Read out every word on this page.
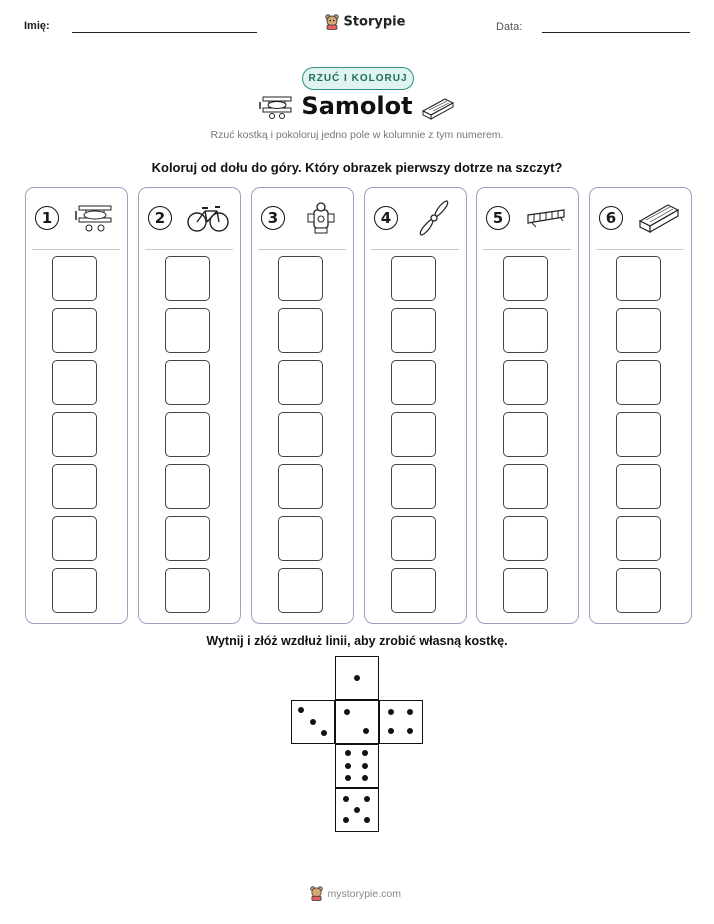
Imię:	Storypie	Data:
RZUĆ I KOLORUJ
Samolot
Rzuć kostką i pokoloruj jedno pole w kolumnie z tym numerem.
Koloruj od dołu do góry. Który obrazek pierwszy dotrze na szczyt?
1	2	3	4	5	6
Wytnij i złóż wzdłuż linii, aby zrobić własną kostkę.
mystorypie.com
